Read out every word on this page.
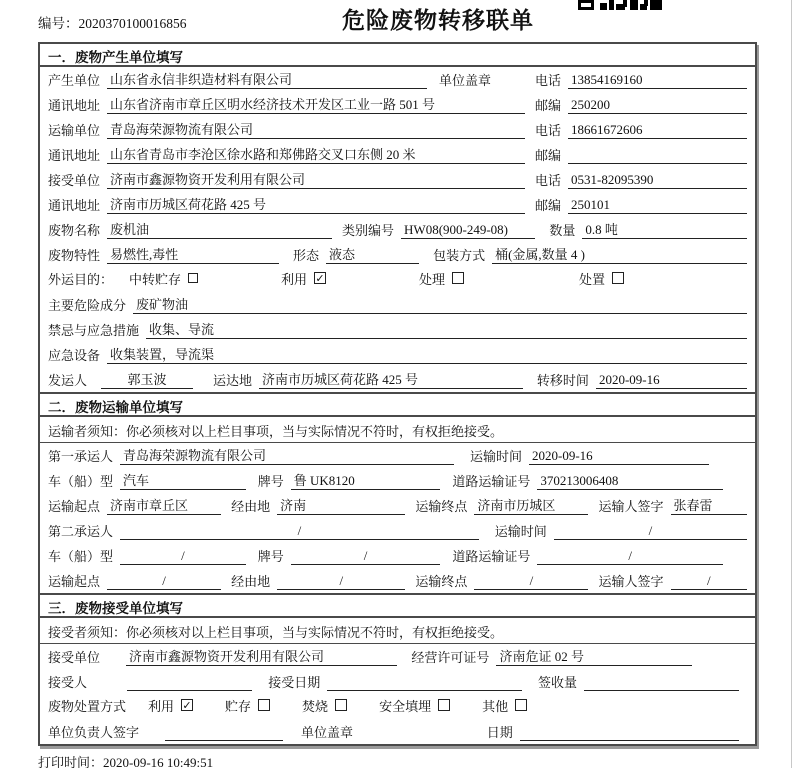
编号：2020370100016856	危险废物转移联单
一．废物产生单位填写
产生单位 山东省永信非织造材料有限公司	单位盖章	电话 13854169160
通讯地址 山东省济南市章丘区明水经济技术开发区工业一路 501 号	邮编 250200
运输单位 青岛海荣源物流有限公司	电话 18661672606
通讯地址 山东省青岛市李沧区徐水路和郑佛路交叉口东侧 20 米	邮编
接受单位 济南市鑫源物资开发利用有限公司	电话 0531-82095390
通讯地址 济南市历城区荷花路 425 号	邮编 250101
废物名称 废机油	类别编号 HW08(900-249-08)	数量 0.8 吨
废物特性 易燃性,毒性	形态 液态	包装方式 桶(金属,数量 4 )
外运目的：	中转贮存	利用 ✓	处理	处置
主要危险成分 废矿物油
禁忌与应急措施 收集、导流
应急设备 收集装置，导流渠
发运人	郭玉波	运达地 济南市历城区荷花路 425 号	转移时间 2020-09-16
二．废物运输单位填写
运输者须知：你必须核对以上栏目事项，当与实际情况不符时，有权拒绝接受。
第一承运人 青岛海荣源物流有限公司	运输时间 2020-09-16
车（船）型 汽车	牌号 鲁 UK8120	道路运输证号 370213006408
运输起点 济南市章丘区	经由地 济南	运输终点 济南市历城区	运输人签字 张春雷
第二承运人	/	运输时间	/
车（船）型	/	牌号	/	道路运输证号	/
运输起点	/	经由地	/	运输终点	/	运输人签字	/
三．废物接受单位填写
接受者须知：你必须核对以上栏目事项，当与实际情况不符时，有权拒绝接受。
接受单位	济南市鑫源物资开发利用有限公司	经营许可证号 济南危证 02 号
接受人	接受日期	签收量
废物处置方式	利用 ✓	贮存	焚烧	安全填埋	其他
单位负责人签字	单位盖章	日期
打印时间：2020-09-16 10:49:51
